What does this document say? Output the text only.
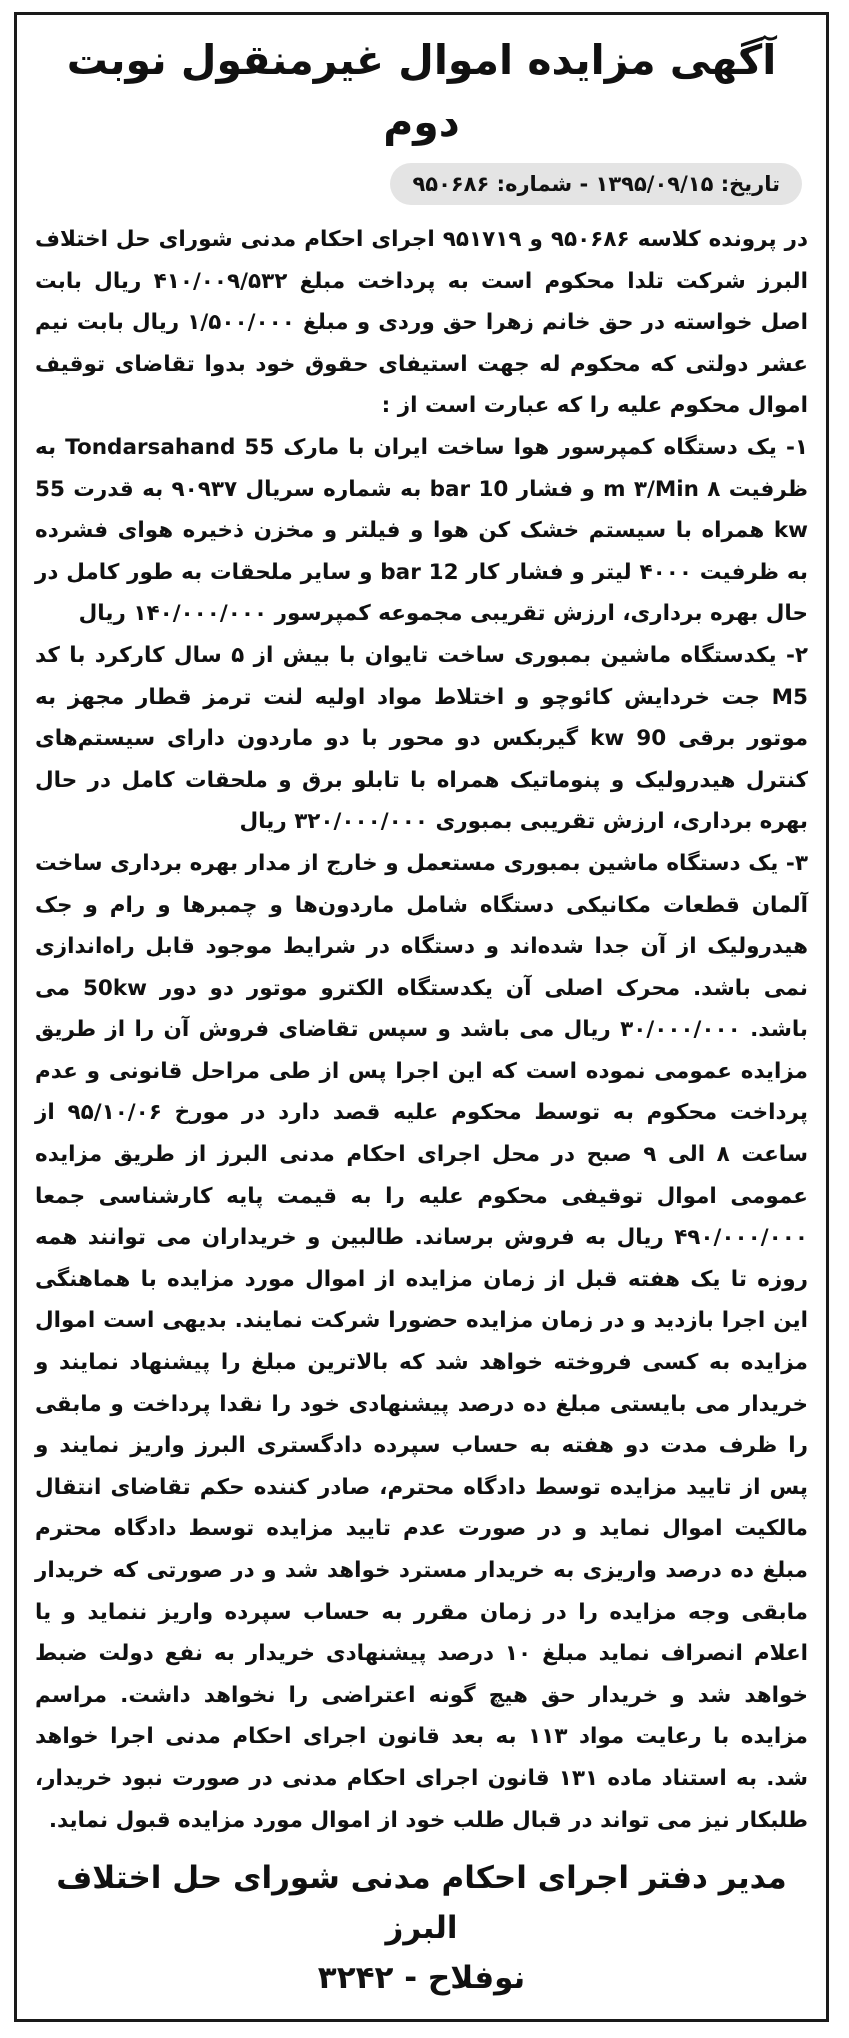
آگهی مزایده اموال غیرمنقول نوبت دوم
تاریخ: ۱۳۹۵/۰۹/۱۵ - شماره: ۹۵۰۶۸۶

در پرونده کلاسه ۹۵۰۶۸۶ و ۹۵۱۷۱۹ اجرای احکام مدنی شورای حل اختلاف البرز شرکت تلدا محکوم است به پرداخت مبلغ ۴۱۰/۰۰۹/۵۳۲ ریال بابت اصل خواسته در حق خانم زهرا حق وردی و مبلغ ۱/۵۰۰/۰۰۰ ریال بابت نیم عشر دولتی که محکوم له جهت استیفای حقوق خود بدوا تقاضای توقیف اموال محکوم علیه را که عبارت است از :

۱- یک دستگاه کمپرسور هوا ساخت ایران با مارک Tondarsahand 55 به ظرفیت m ۳/Min ۸ و فشار 10 bar به شماره سریال ۹۰۹۳۷ به قدرت 55 kw همراه با سیستم خشک کن هوا و فیلتر و مخزن ذخیره هوای فشرده به ظرفیت ۴۰۰۰ لیتر و فشار کار 12 bar و سایر ملحقات به طور کامل در حال بهره برداری، ارزش تقریبی مجموعه کمپرسور ۱۴۰/۰۰۰/۰۰۰ ریال

۲- یکدستگاه ماشین بمبوری ساخت تایوان با بیش از ۵ سال کارکرد با کد M5 جت خردایش کائوچو و اختلاط مواد اولیه لنت ترمز قطار مجهز به موتور برقی 90 kw گیربکس دو محور با دو ماردون دارای سیستم‌های کنترل هیدرولیک و پنوماتیک همراه با تابلو برق و ملحقات کامل در حال بهره برداری، ارزش تقریبی بمبوری ۳۲۰/۰۰۰/۰۰۰ ریال

۳- یک دستگاه ماشین بمبوری مستعمل و خارج از مدار بهره برداری ساخت آلمان قطعات مکانیکی دستگاه شامل ماردون‌ها و چمبرها و رام و جک هیدرولیک از آن جدا شده‌اند و دستگاه در شرایط موجود قابل راه‌اندازی نمی باشد. محرک اصلی آن یکدستگاه الکترو موتور دو دور 50kw می باشد. ۳۰/۰۰۰/۰۰۰ ریال می باشد و سپس تقاضای فروش آن را از طریق مزایده عمومی نموده است که این اجرا پس از طی مراحل قانونی و عدم پرداخت محکوم به توسط محکوم علیه قصد دارد در مورخ ۹۵/۱۰/۰۶ از ساعت ۸ الی ۹ صبح در محل اجرای احکام مدنی البرز از طریق مزایده عمومی اموال توقیفی محکوم علیه را به قیمت پایه کارشناسی جمعا ۴۹۰/۰۰۰/۰۰۰ ریال به فروش برساند. طالبین و خریداران می توانند همه روزه تا یک هفته قبل از زمان مزایده از اموال مورد مزایده با هماهنگی این اجرا بازدید و در زمان مزایده حضورا شرکت نمایند. بدیهی است اموال مزایده به کسی فروخته خواهد شد که بالاترین مبلغ را پیشنهاد نمایند و خریدار می بایستی مبلغ ده درصد پیشنهادی خود را نقدا پرداخت و مابقی را ظرف مدت دو هفته به حساب سپرده دادگستری البرز واریز نمایند و پس از تایید مزایده توسط دادگاه محترم، صادر کننده حکم تقاضای انتقال مالکیت اموال نماید و در صورت عدم تایید مزایده توسط دادگاه محترم مبلغ ده درصد واریزی به خریدار مسترد خواهد شد و در صورتی که خریدار مابقی وجه مزایده را در زمان مقرر به حساب سپرده واریز ننماید و یا اعلام انصراف نماید مبلغ ۱۰ درصد پیشنهادی خریدار به نفع دولت ضبط خواهد شد و خریدار حق هیچ گونه اعتراضی را نخواهد داشت. مراسم مزایده با رعایت مواد ۱۱۳ به بعد قانون اجرای احکام مدنی اجرا خواهد شد. به استناد ماده ۱۳۱ قانون اجرای احکام مدنی در صورت نبود خریدار، طلبکار نیز می تواند در قبال طلب خود از اموال مورد مزایده قبول نماید.

مدیر دفتر اجرای احکام مدنی شورای حل اختلاف البرز
نوفلاح - ۳۲۴۲
